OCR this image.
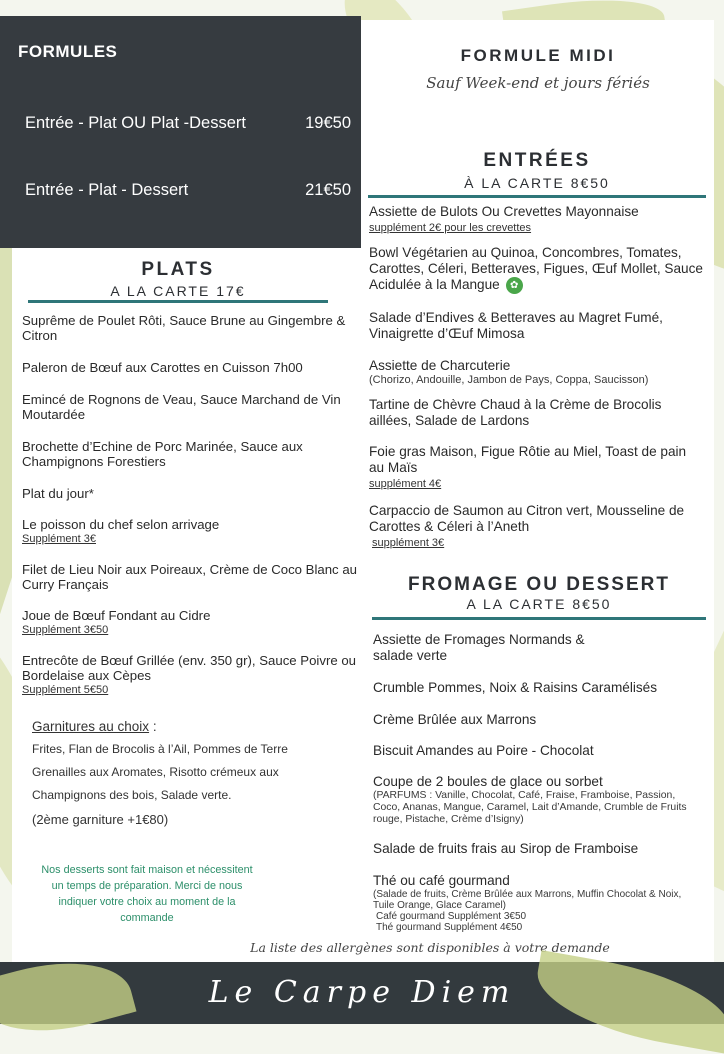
FORMULES
Entrée - Plat OU Plat -Dessert	19€50
Entrée - Plat - Dessert	21€50
FORMULE MIDI
Sauf Week-end et jours fériés
PLATS
A LA CARTE 17€
Suprême de Poulet Rôti, Sauce Brune au Gingembre & Citron
Paleron de Bœuf aux Carottes en Cuisson 7h00
Emincé de Rognons de Veau, Sauce Marchand de Vin Moutardée
Brochette d’Echine de Porc Marinée, Sauce aux Champignons Forestiers
Plat du jour*
Le poisson du chef selon arrivage
Supplément 3€
Filet de Lieu Noir aux Poireaux, Crème de Coco Blanc au Curry Français
Joue de Bœuf Fondant au Cidre
Supplément 3€50
Entrecôte de Bœuf Grillée (env. 350 gr), Sauce Poivre ou Bordelaise aux Cèpes
Supplément 5€50
Garnitures au choix :
Frites, Flan de Brocolis à l’Ail, Pommes de Terre
Grenailles aux Aromates, Risotto crémeux aux
Champignons des bois, Salade verte.
(2ème garniture +1€80)
Nos desserts sont fait maison et nécessitent un temps de préparation. Merci de nous indiquer votre choix au moment de la commande
ENTRÉES
À LA CARTE 8€50
Assiette de Bulots Ou Crevettes Mayonnaise
supplément 2€ pour les crevettes
Bowl Végétarien au Quinoa, Concombres, Tomates, Carottes, Céleri, Betteraves, Figues, Œuf Mollet, Sauce Acidulée à la Mangue ✿
Salade d’Endives & Betteraves au Magret Fumé, Vinaigrette d’Œuf Mimosa
Assiette de Charcuterie
(Chorizo, Andouille, Jambon de Pays, Coppa, Saucisson)
Tartine de Chèvre Chaud à la Crème de Brocolis aillées, Salade de Lardons
Foie gras Maison, Figue Rôtie au Miel, Toast de pain au Maïs
supplément 4€
Carpaccio de Saumon au Citron vert, Mousseline de Carottes & Céleri à l’Aneth
supplément 3€
FROMAGE OU DESSERT
A LA CARTE 8€50
Assiette de Fromages Normands & salade verte
Crumble Pommes, Noix & Raisins Caramélisés
Crème Brûlée aux Marrons
Biscuit Amandes au Poire - Chocolat
Coupe de 2 boules de glace ou sorbet
(PARFUMS : Vanille, Chocolat, Café, Fraise, Framboise, Passion, Coco, Ananas, Mangue, Caramel, Lait d’Amande, Crumble de Fruits rouge, Pistache, Crème d’Isigny)
Salade de fruits frais au Sirop de Framboise
Thé ou café gourmand
(Salade de fruits, Crème Brûlée aux Marrons, Muffin Chocolat & Noix, Tuile Orange, Glace Caramel)
Café gourmand Supplément 3€50
Thé gourmand Supplément 4€50
La liste des allergènes sont disponibles à votre demande
Le Carpe Diem
